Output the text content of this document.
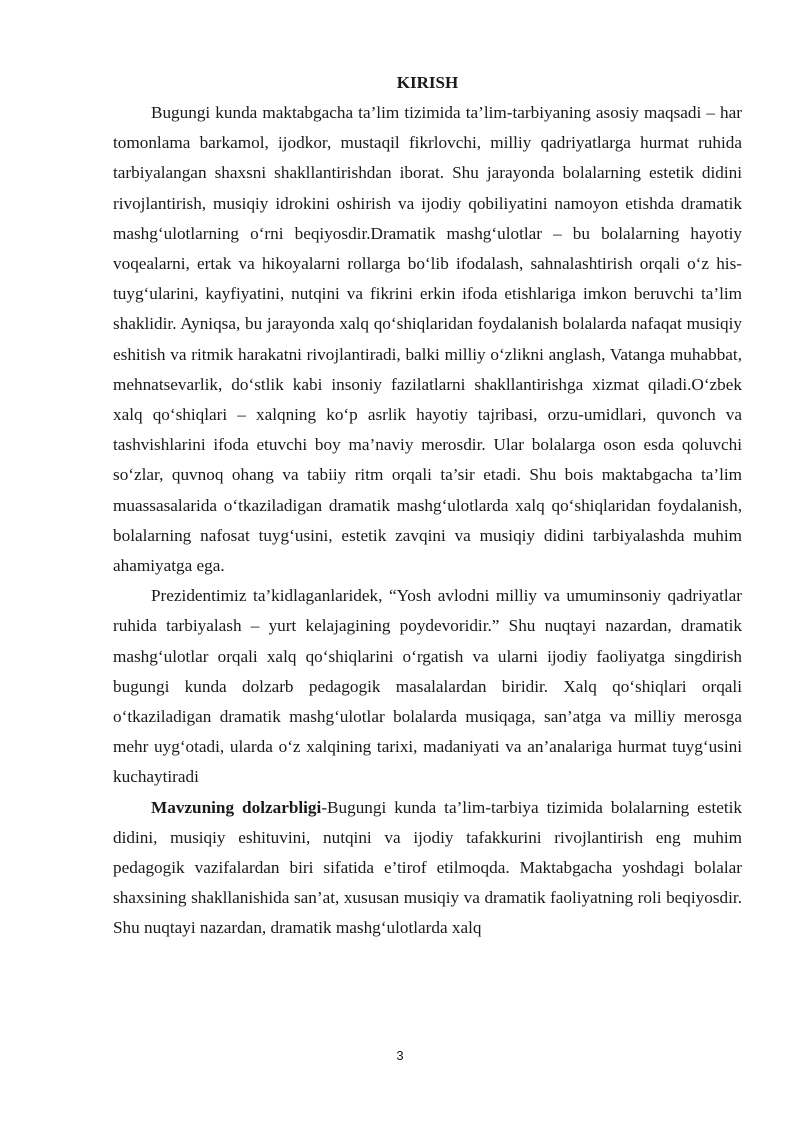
KIRISH

Bugungi kunda maktabgacha ta’lim tizimida ta’lim-tarbiyaning asosiy maqsadi – har tomonlama barkamol, ijodkor, mustaqil fikrlovchi, milliy qadriyatlarga hurmat ruhida tarbiyalangan shaxsni shakllantirishdan iborat. Shu jarayonda bolalarning estetik didini rivojlantirish, musiqiy idrokini oshirish va ijodiy qobiliyatini namoyon etishda dramatik mashg‘ulotlarning o‘rni beqiyosdir.Dramatik mashg‘ulotlar – bu bolalarning hayotiy voqealarni, ertak va hikoyalarni rollarga bo‘lib ifodalash, sahnalashtirish orqali o‘z his-tuyg‘ularini, kayfiyatini, nutqini va fikrini erkin ifoda etishlariga imkon beruvchi ta’lim shaklidir. Ayniqsa, bu jarayonda xalq qo‘shiqlaridan foydalanish bolalarda nafaqat musiqiy eshitish va ritmik harakatni rivojlantiradi, balki milliy o‘zlikni anglash, Vatanga muhabbat, mehnatsevarlik, do‘stlik kabi insoniy fazilatlarni shakllantirishga xizmat qiladi.O‘zbek xalq qo‘shiqlari – xalqning ko‘p asrlik hayotiy tajribasi, orzu-umidlari, quvonch va tashvishlarini ifoda etuvchi boy ma’naviy merosdir. Ular bolalarga oson esda qoluvchi so‘zlar, quvnoq ohang va tabiiy ritm orqali ta’sir etadi. Shu bois maktabgacha ta’lim muassasalarida o‘tkaziladigan dramatik mashg‘ulotlarda xalq qo‘shiqlaridan foydalanish, bolalarning nafosat tuyg‘usini, estetik zavqini va musiqiy didini tarbiyalashda muhim ahamiyatga ega.

Prezidentimiz ta’kidlaganlaridek, “Yosh avlodni milliy va umuminsoniy qadriyatlar ruhida tarbiyalash – yurt kelajagining poydevoridir.” Shu nuqtayi nazardan, dramatik mashg‘ulotlar orqali xalq qo‘shiqlarini o‘rgatish va ularni ijodiy faoliyatga singdirish bugungi kunda dolzarb pedagogik masalalardan biridir. Xalq qo‘shiqlari orqali o‘tkaziladigan dramatik mashg‘ulotlar bolalarda musiqaga, san’atga va milliy merosga mehr uyg‘otadi, ularda o‘z xalqining tarixi, madaniyati va an’analariga hurmat tuyg‘usini kuchaytiradi

Mavzuning dolzarbligi-Bugungi kunda ta’lim-tarbiya tizimida bolalarning estetik didini, musiqiy eshituvini, nutqini va ijodiy tafakkurini rivojlantirish eng muhim pedagogik vazifalardan biri sifatida e’tirof etilmoqda. Maktabgacha yoshdagi bolalar shaxsining shakllanishida san’at, xususan musiqiy va dramatik faoliyatning roli beqiyosdir. Shu nuqtayi nazardan, dramatik mashg‘ulotlarda xalq

3
